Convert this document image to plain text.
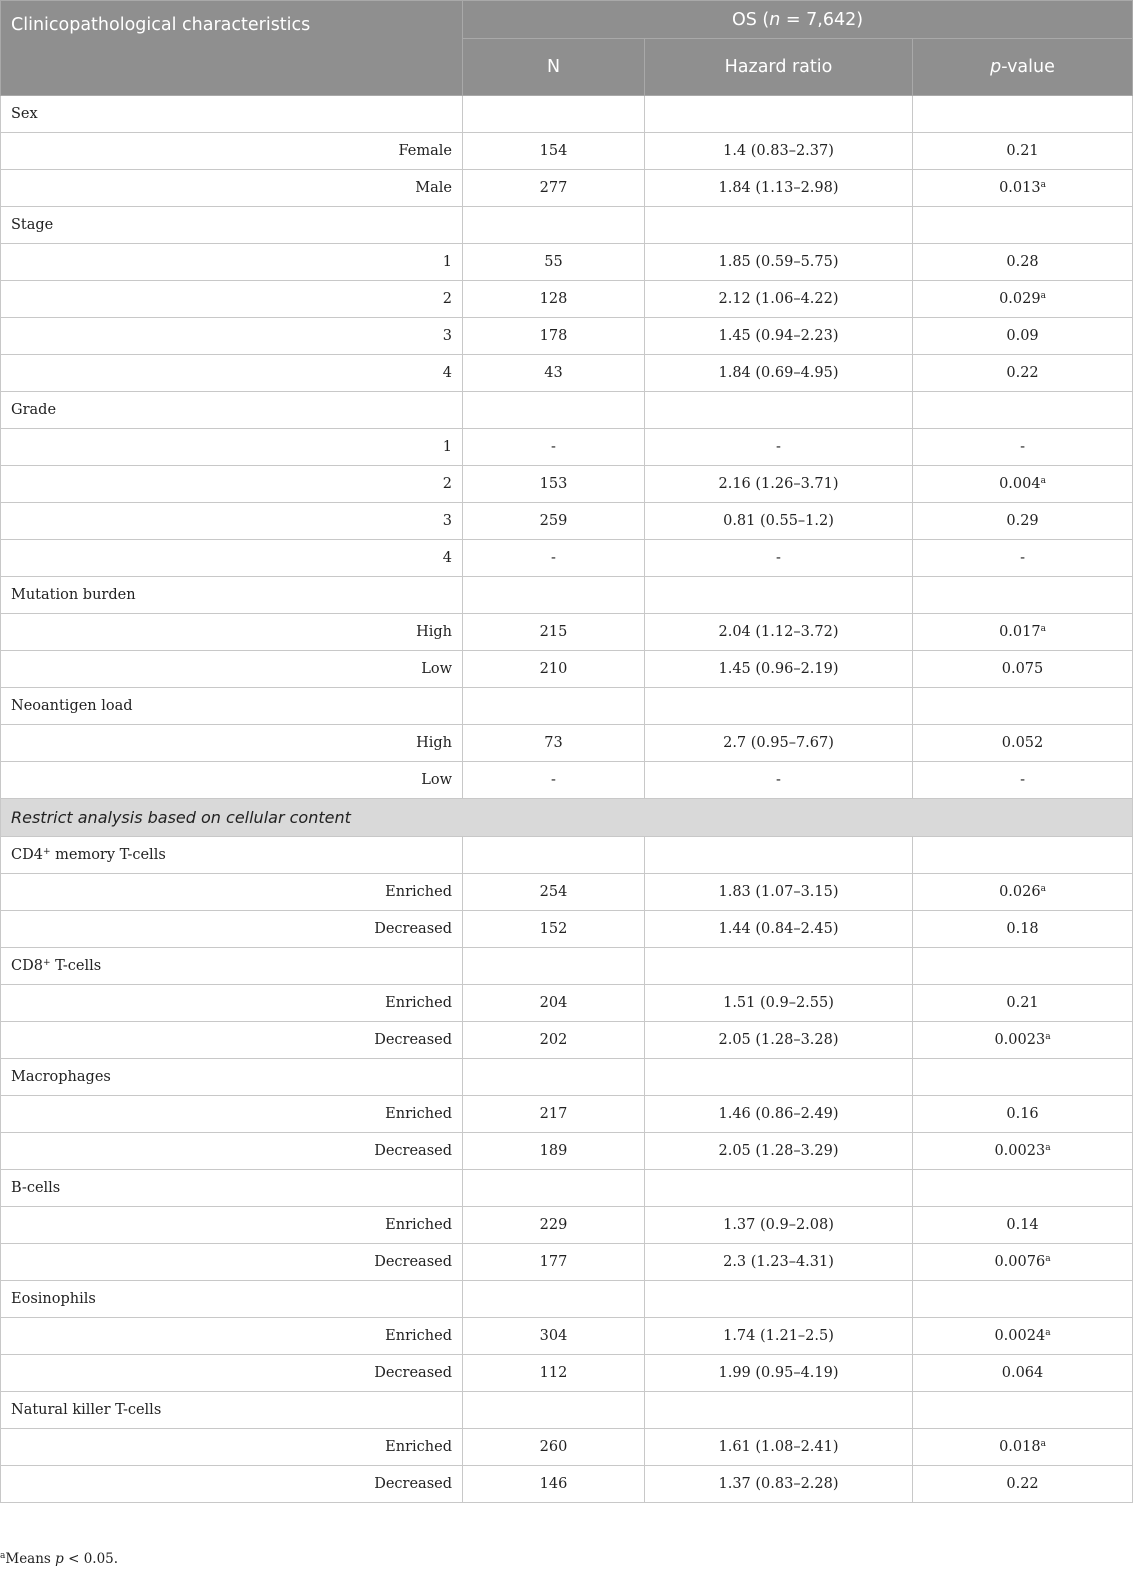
Clinicopathological characteristics	OS (n = 7,642)		
	N	Hazard ratio	p-value
Sex			
Female	154	1.4 (0.83–2.37)	0.21
Male	277	1.84 (1.13–2.98)	0.013$^a$
Stage			
1	55	1.85 (0.59–5.75)	0.28
2	128	2.12 (1.06–4.22)	0.029$^a$
3	178	1.45 (0.94–2.23)	0.09
4	43	1.84 (0.69–4.95)	0.22
Grade			
1	-	-	-
2	153	2.16 (1.26–3.71)	0.004$^a$
3	259	0.81 (0.55–1.2)	0.29
4	-	-	-
Mutation burden			
High	215	2.04 (1.12–3.72)	0.017$^a$
Low	210	1.45 (0.96–2.19)	0.075
Neoantigen load			
High	73	2.7 (0.95–7.67)	0.052
Low	-	-	-
Restrict analysis based on cellular content			
CD4+ memory T-cells			
Enriched	254	1.83 (1.07–3.15)	0.026$^a$
Decreased	152	1.44 (0.84–2.45)	0.18
CD8+ T-cells			
Enriched	204	1.51 (0.9–2.55)	0.21
Decreased	202	2.05 (1.28–3.28)	0.0023$^a$
Macrophages			
Enriched	217	1.46 (0.86–2.49)	0.16
Decreased	189	2.05 (1.28–3.29)	0.0023$^a$
B-cells			
Enriched	229	1.37 (0.9–2.08)	0.14
Decreased	177	2.3 (1.23–4.31)	0.0076$^a$
Eosinophils			
Enriched	304	1.74 (1.21–2.5)	0.0024$^a$
Decreased	112	1.99 (0.95–4.19)	0.064
Natural killer T-cells			
Enriched	260	1.61 (1.08–2.41)	0.018$^a$
Decreased	146	1.37 (0.83–2.28)	0.22
$^a$Means p < 0.05.
